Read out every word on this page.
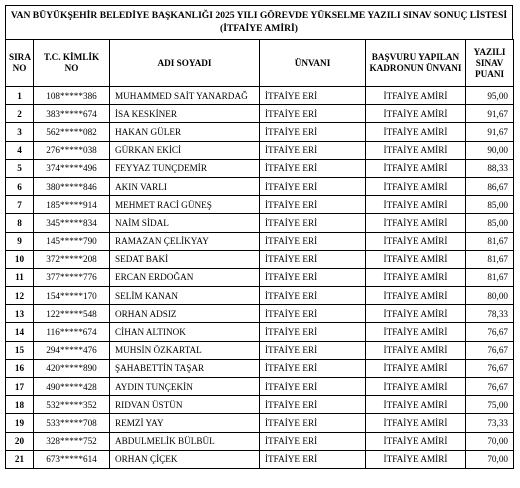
VAN BÜYÜKŞEHİR BELEDİYE BAŞKANLIĞI 2025 YILI GÖREVDE YÜKSELME YAZILI SINAV SONUÇ LİSTESİ
(İTFAİYE AMİRİ)
SIRA NO	T.C. KİMLİK NO	ADI SOYADI	ÜNVANI	BAŞVURU YAPILAN KADRONUN ÜNVANI	YAZILI SINAV PUANI
1	108*****386	MUHAMMED SAİT YANARDAĞ	İTFAİYE ERİ	İTFAİYE AMİRİ	95,00
2	383*****674	İSA KESKİNER	İTFAİYE ERİ	İTFAİYE AMİRİ	91,67
3	562*****082	HAKAN GÜLER	İTFAİYE ERİ	İTFAİYE AMİRİ	91,67
4	276*****038	GÜRKAN EKİCİ	İTFAİYE ERİ	İTFAİYE AMİRİ	90,00
5	374*****496	FEYYAZ TUNÇDEMİR	İTFAİYE ERİ	İTFAİYE AMİRİ	88,33
6	380*****846	AKIN VARLI	İTFAİYE ERİ	İTFAİYE AMİRİ	86,67
7	185*****914	MEHMET RACİ GÜNEŞ	İTFAİYE ERİ	İTFAİYE AMİRİ	85,00
8	345*****834	NAİM SİDAL	İTFAİYE ERİ	İTFAİYE AMİRİ	85,00
9	145*****790	RAMAZAN ÇELİKYAY	İTFAİYE ERİ	İTFAİYE AMİRİ	81,67
10	372*****208	SEDAT BAKİ	İTFAİYE ERİ	İTFAİYE AMİRİ	81,67
11	377*****776	ERCAN ERDOĞAN	İTFAİYE ERİ	İTFAİYE AMİRİ	81,67
12	154*****170	SELİM KANAN	İTFAİYE ERİ	İTFAİYE AMİRİ	80,00
13	122*****548	ORHAN ADSIZ	İTFAİYE ERİ	İTFAİYE AMİRİ	78,33
14	116*****674	CİHAN ALTINOK	İTFAİYE ERİ	İTFAİYE AMİRİ	76,67
15	294*****476	MUHSİN ÖZKARTAL	İTFAİYE ERİ	İTFAİYE AMİRİ	76,67
16	420*****890	ŞAHABETTİN TAŞAR	İTFAİYE ERİ	İTFAİYE AMİRİ	76,67
17	490*****428	AYDIN TUNÇEKİN	İTFAİYE ERİ	İTFAİYE AMİRİ	76,67
18	532*****352	RIDVAN ÜSTÜN	İTFAİYE ERİ	İTFAİYE AMİRİ	75,00
19	533*****708	REMZİ YAY	İTFAİYE ERİ	İTFAİYE AMİRİ	73,33
20	328*****752	ABDULMELİK BÜLBÜL	İTFAİYE ERİ	İTFAİYE AMİRİ	70,00
21	673*****614	ORHAN ÇİÇEK	İTFAİYE ERİ	İTFAİYE AMİRİ	70,00
